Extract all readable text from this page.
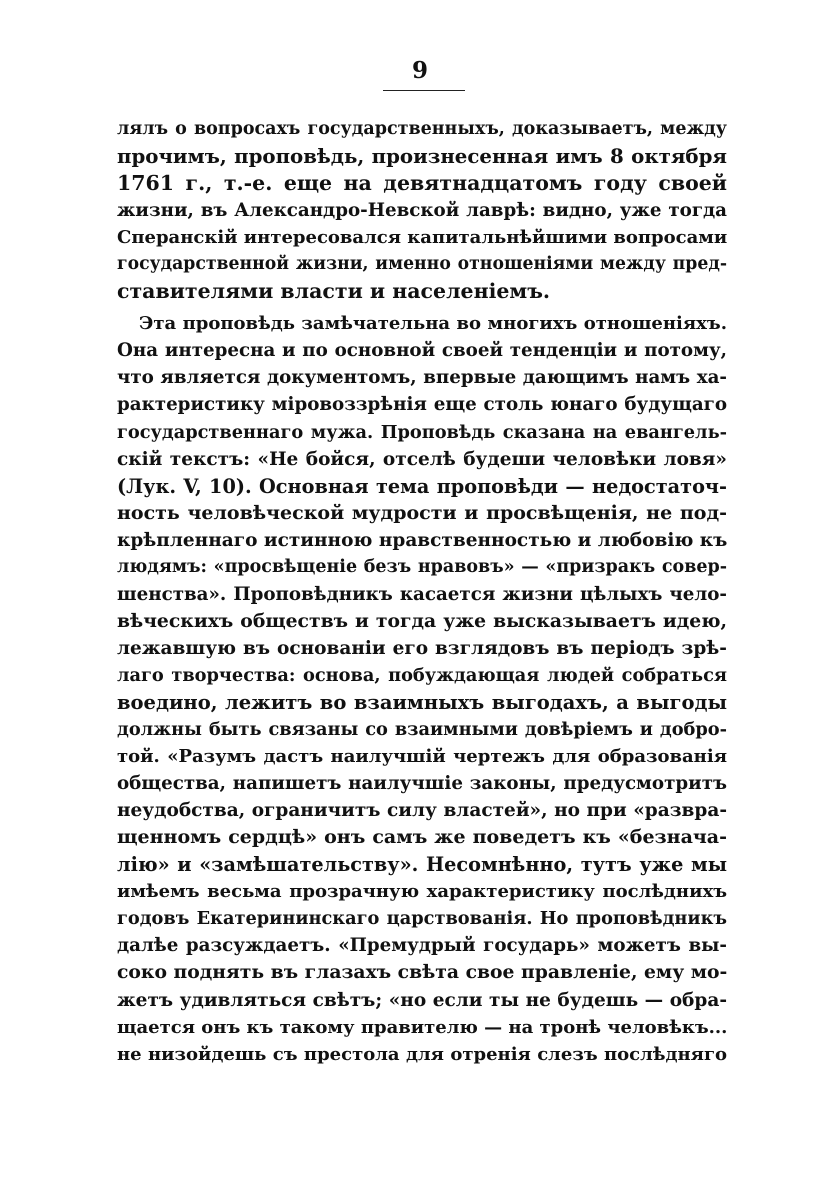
9
лялъ о вопросахъ государственныхъ, доказываетъ, между
прочимъ, проповѣдь, произнесенная имъ 8 октября
1761 г., т.-е. еще на девятнадцатомъ году своей
жизни, въ Александро-Невской лаврѣ: видно, уже тогда
Сперанскій интересовался капитальнѣйшими вопросами
государственной жизни, именно отношеніями между пред-
ставителями власти и населеніемъ.
Эта проповѣдь замѣчательна во многихъ отношеніяхъ.
Она интересна и по основной своей тенденціи и потому,
что является документомъ, впервые дающимъ намъ ха-
рактеристику міровоззрѣнія еще столь юнаго будущаго
государственнаго мужа. Проповѣдь сказана на евангель-
скій текстъ: «Не бойся, отселѣ будеши человѣки ловя»
(Лук. V, 10). Основная тема проповѣди — недостаточ-
ность человѣческой мудрости и просвѣщенія, не под-
крѣпленнаго истинною нравственностью и любовію къ
людямъ: «просвѣщеніе безъ нравовъ» — «призракъ совер-
шенства». Проповѣдникъ касается жизни цѣлыхъ чело-
вѣческихъ обществъ и тогда уже высказываетъ идею,
лежавшую въ основаніи его взглядовъ въ періодъ зрѣ-
лаго творчества: основа, побуждающая людей собраться
воедино, лежитъ во взаимныхъ выгодахъ, а выгоды
должны быть связаны со взаимными довѣріемъ и добро-
той. «Разумъ дастъ наилучшій чертежъ для образованія
общества, напишетъ наилучшіе законы, предусмотритъ
неудобства, ограничитъ силу властей», но при «развра-
щенномъ сердцѣ» онъ самъ же поведетъ къ «безнача-
лію» и «замѣшательству». Несомнѣнно, тутъ уже мы
имѣемъ весьма прозрачную характеристику послѣднихъ
годовъ Екатерининскаго царствованія. Но проповѣдникъ
далѣе разсуждаетъ. «Премудрый государь» можетъ вы-
соко поднять въ глазахъ свѣта свое правленіе, ему мо-
жетъ удивляться свѣтъ; «но если ты не будешь — обра-
щается онъ къ такому правителю — на тронѣ человѣкъ...
не низойдешь съ престола для отренія слезъ послѣдняго
